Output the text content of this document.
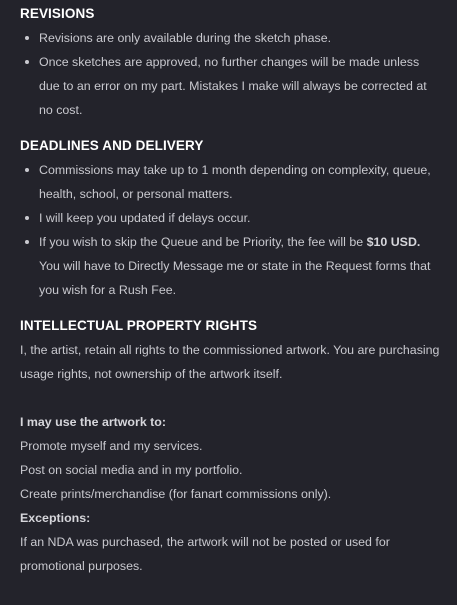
REVISIONS
Revisions are only available during the sketch phase.
Once sketches are approved, no further changes will be made unless due to an error on my part. Mistakes I make will always be corrected at no cost.
DEADLINES AND DELIVERY
Commissions may take up to 1 month depending on complexity, queue, health, school, or personal matters.
I will keep you updated if delays occur.
If you wish to skip the Queue and be Priority, the fee will be $10 USD. You will have to Directly Message me or state in the Request forms that you wish for a Rush Fee.
INTELLECTUAL PROPERTY RIGHTS
I, the artist, retain all rights to the commissioned artwork. You are purchasing usage rights, not ownership of the artwork itself.
I may use the artwork to:
Promote myself and my services.
Post on social media and in my portfolio.
Create prints/merchandise (for fanart commissions only).
Exceptions:
If an NDA was purchased, the artwork will not be posted or used for promotional purposes.
